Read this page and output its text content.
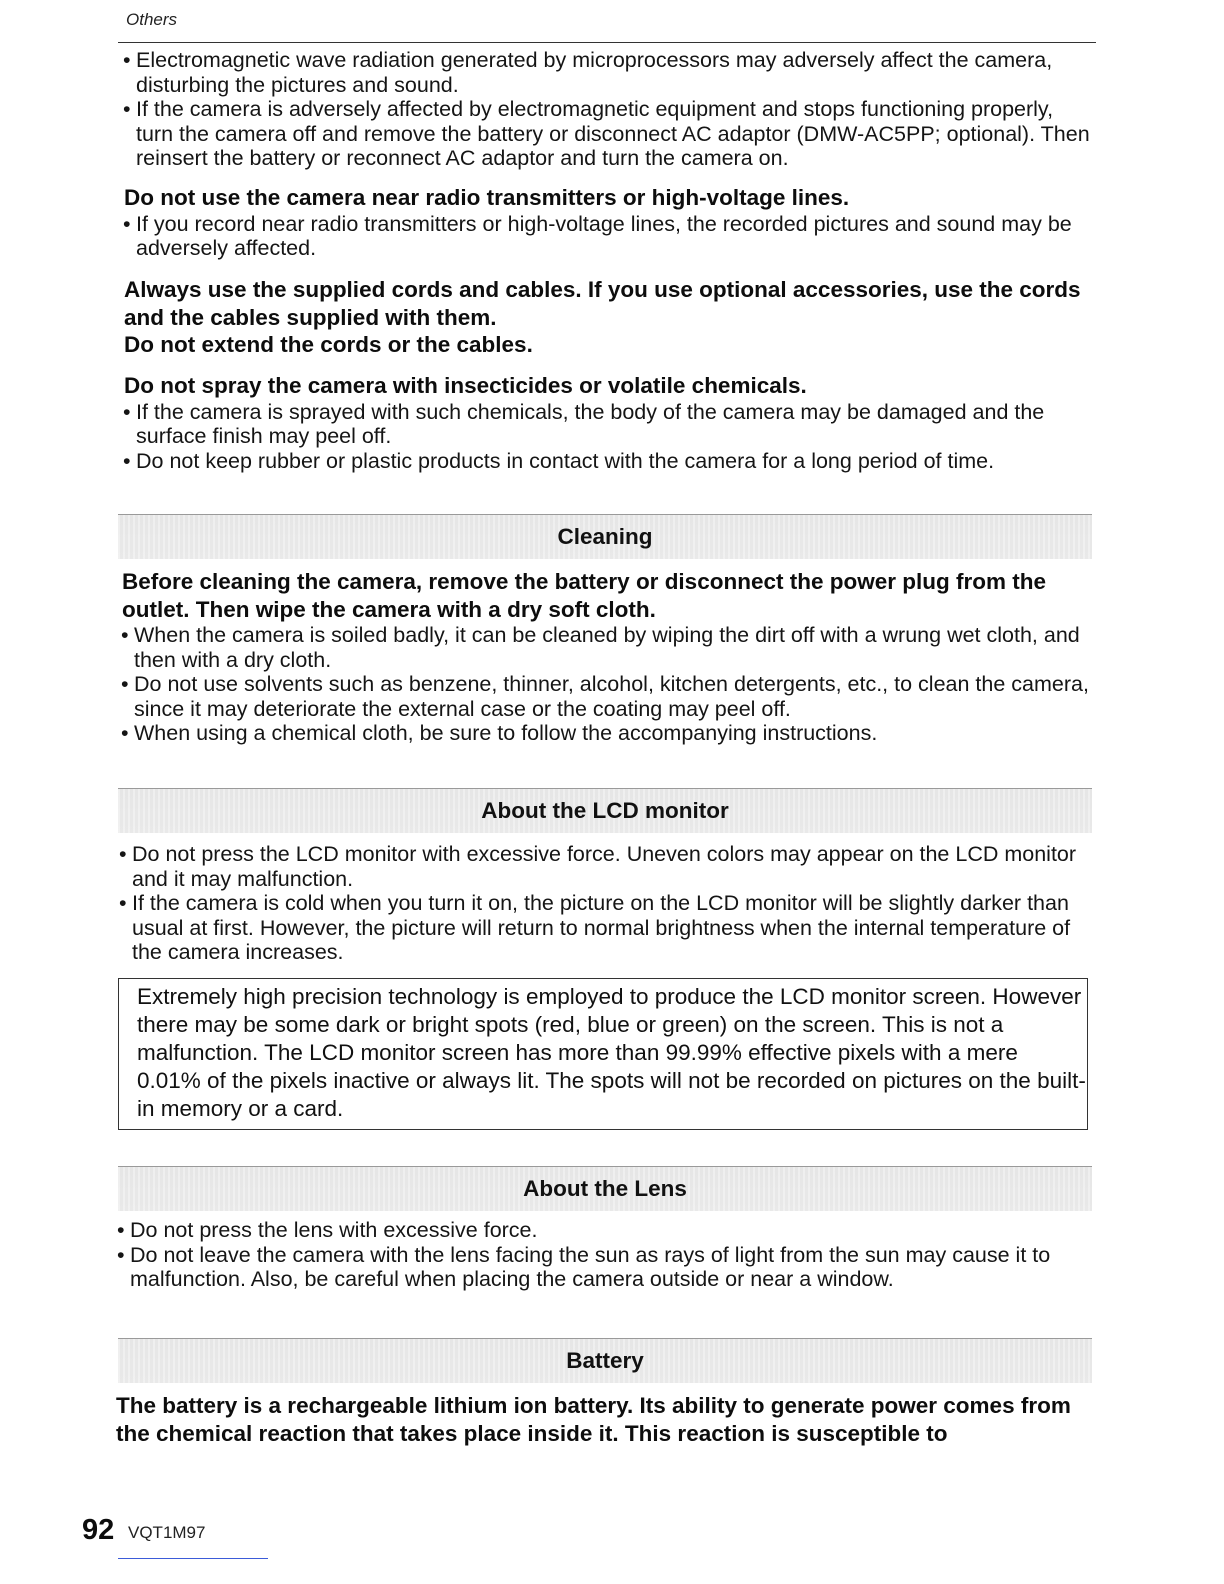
Others
• Electromagnetic wave radiation generated by microprocessors may adversely affect the camera, disturbing the pictures and sound.
• If the camera is adversely affected by electromagnetic equipment and stops functioning properly, turn the camera off and remove the battery or disconnect AC adaptor (DMW-AC5PP; optional). Then reinsert the battery or reconnect AC adaptor and turn the camera on.
Do not use the camera near radio transmitters or high-voltage lines.
• If you record near radio transmitters or high-voltage lines, the recorded pictures and sound may be adversely affected.
Always use the supplied cords and cables. If you use optional accessories, use the cords and the cables supplied with them.
Do not extend the cords or the cables.
Do not spray the camera with insecticides or volatile chemicals.
• If the camera is sprayed with such chemicals, the body of the camera may be damaged and the surface finish may peel off.
• Do not keep rubber or plastic products in contact with the camera for a long period of time.
Cleaning
Before cleaning the camera, remove the battery or disconnect the power plug from the outlet. Then wipe the camera with a dry soft cloth.
• When the camera is soiled badly, it can be cleaned by wiping the dirt off with a wrung wet cloth, and then with a dry cloth.
• Do not use solvents such as benzene, thinner, alcohol, kitchen detergents, etc., to clean the camera, since it may deteriorate the external case or the coating may peel off.
• When using a chemical cloth, be sure to follow the accompanying instructions.
About the LCD monitor
• Do not press the LCD monitor with excessive force. Uneven colors may appear on the LCD monitor and it may malfunction.
• If the camera is cold when you turn it on, the picture on the LCD monitor will be slightly darker than usual at first. However, the picture will return to normal brightness when the internal temperature of the camera increases.
Extremely high precision technology is employed to produce the LCD monitor screen. However there may be some dark or bright spots (red, blue or green) on the screen. This is not a malfunction. The LCD monitor screen has more than 99.99% effective pixels with a mere 0.01% of the pixels inactive or always lit. The spots will not be recorded on pictures on the built-in memory or a card.
About the Lens
• Do not press the lens with excessive force.
• Do not leave the camera with the lens facing the sun as rays of light from the sun may cause it to malfunction. Also, be careful when placing the camera outside or near a window.
Battery
The battery is a rechargeable lithium ion battery. Its ability to generate power comes from the chemical reaction that takes place inside it. This reaction is susceptible to
92 VQT1M97
